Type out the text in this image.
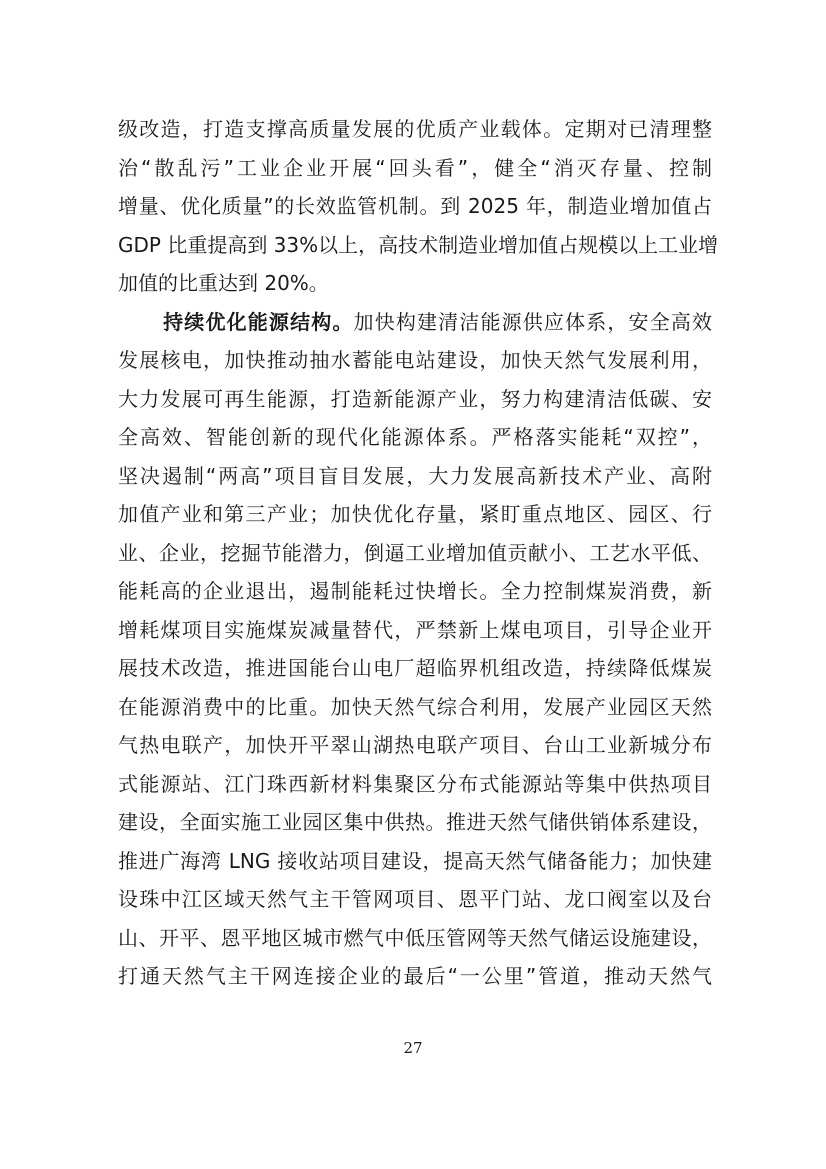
级改造，打造支撑高质量发展的优质产业载体。定期对已清理整
治“散乱污”工业企业开展“回头看”，健全“消灭存量、控制
增量、优化质量”的长效监管机制。到 2025 年，制造业增加值占
GDP 比重提高到 33%以上，高技术制造业增加值占规模以上工业增
加值的比重达到 20%。
持续优化能源结构。加快构建清洁能源供应体系，安全高效
发展核电，加快推动抽水蓄能电站建设，加快天然气发展利用，
大力发展可再生能源，打造新能源产业，努力构建清洁低碳、安
全高效、智能创新的现代化能源体系。严格落实能耗“双控”，
坚决遏制“两高”项目盲目发展，大力发展高新技术产业、高附
加值产业和第三产业；加快优化存量，紧盯重点地区、园区、行
业、企业，挖掘节能潜力，倒逼工业增加值贡献小、工艺水平低、
能耗高的企业退出，遏制能耗过快增长。全力控制煤炭消费，新
增耗煤项目实施煤炭减量替代，严禁新上煤电项目，引导企业开
展技术改造，推进国能台山电厂超临界机组改造，持续降低煤炭
在能源消费中的比重。加快天然气综合利用，发展产业园区天然
气热电联产，加快开平翠山湖热电联产项目、台山工业新城分布
式能源站、江门珠西新材料集聚区分布式能源站等集中供热项目
建设，全面实施工业园区集中供热。推进天然气储供销体系建设，
推进广海湾 LNG 接收站项目建设，提高天然气储备能力；加快建
设珠中江区域天然气主干管网项目、恩平门站、龙口阀室以及台
山、开平、恩平地区城市燃气中低压管网等天然气储运设施建设，
打通天然气主干网连接企业的最后“一公里”管道，推动天然气
27
